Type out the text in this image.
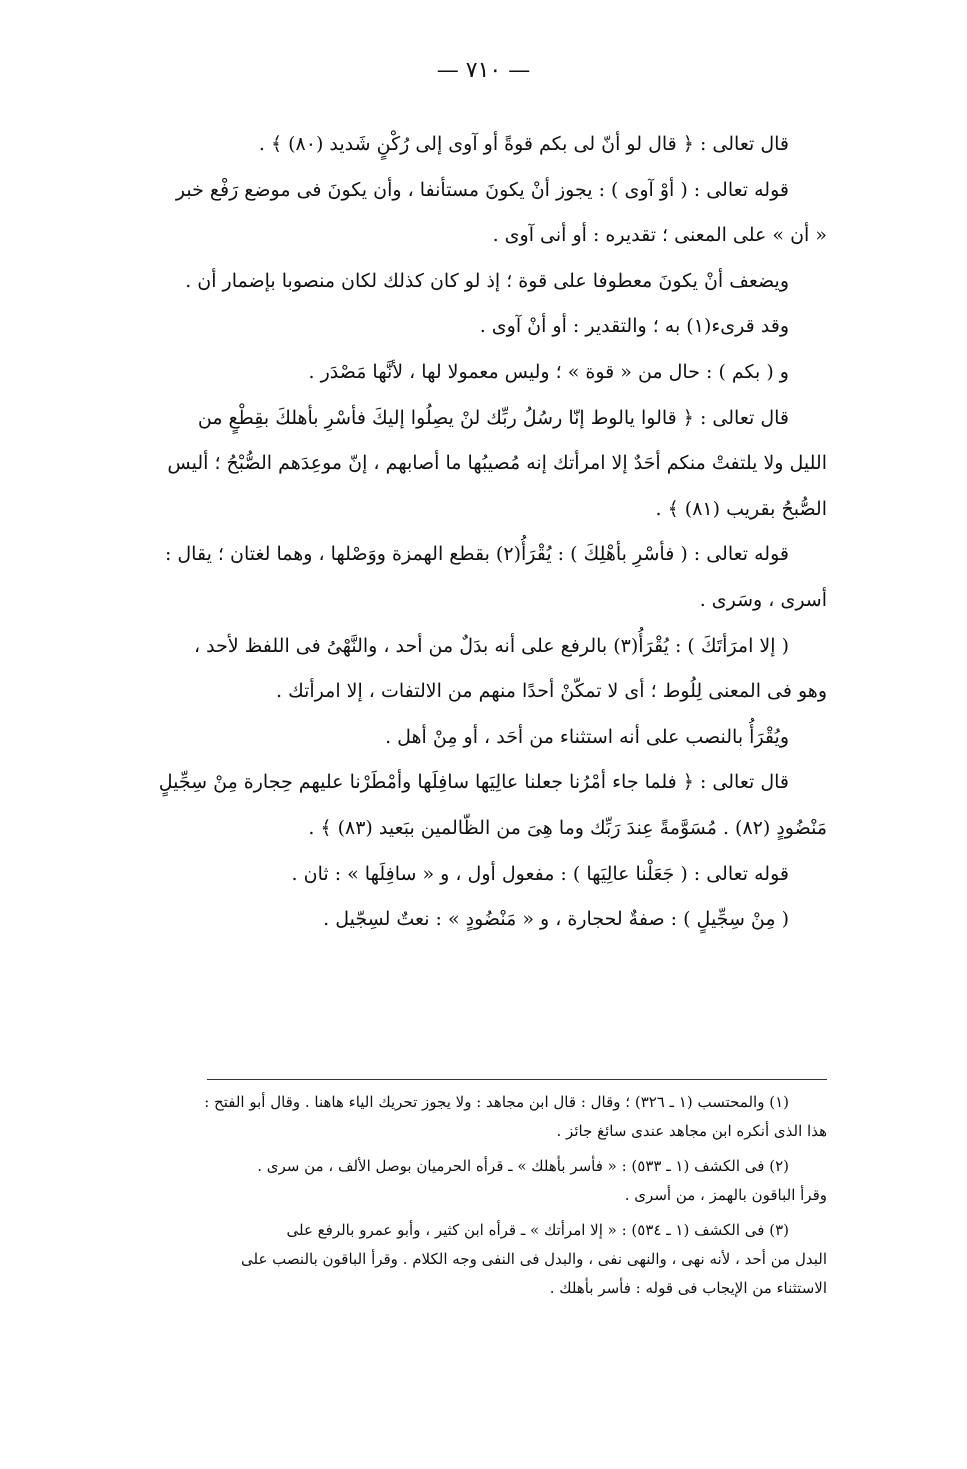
— ٧١٠ —

قال تعالى : ﴿ قال لو أنّ لى بكم قوةً أو آوى إلى رُكْنٍ شَديد (٨٠) ﴾ .

قوله تعالى : ( أوْ آوى ) : يجوز أنْ يكونَ مستأنفا ، وأن يكونَ فى موضع رَفْع خبر

« أن » على المعنى ؛ تقديره : أو أنى آوى .

ويضعف أنْ يكونَ معطوفا على قوة ؛ إذ لو كان كذلك لكان منصوبا بإضمار أن .

وقد قرىء(١) به ؛ والتقدير : أو أنْ آوى .

و ( بكم ) : حال من « قوة » ؛ وليس معمولا لها ، لأنَّها مَصْدَر .

قال تعالى : ﴿ قالوا يالوط إنّا رسُلُ ربِّك لنْ يصِلُوا إليكَ فأسْرِ بأهلكَ بقِطْعٍ من

الليل ولا يلتفتْ منكم أحَدٌ إلا امرأتك إنه مُصيبُها ما أصابهم ، إنّ موعِدَهم الصُّبْحُ ؛ أليس

الصُّبحُ بقريب (٨١) ﴾ .

قوله تعالى : ( فأسْرِ بأهْلِكَ ) : يُقْرَأُ(٢) بقطع الهمزة ووَصْلها ، وهما لغتان ؛ يقال :

أسرى ، وسَرى .

( إلا امرَأتَكَ ) : يُقْرَأُ(٣) بالرفع على أنه بدَلٌ من أحد ، والنَّهْىُ فى اللفظ لأحد ،

وهو فى المعنى لِلُوط ؛ أى لا تمكّنْ أحدًا منهم من الالتفات ، إلا امرأتك .

ويُقْرَأُ بالنصب على أنه استثناء من أحَد ، أو مِنْ أهل .

قال تعالى : ﴿ فلما جاء أمْرُنا جعلنا عالِيَها سافِلَها وأمْطَرْنا عليهم حِجارة مِنْ سِجِّيلٍ

مَنْضُودٍ (٨٢) . مُسَوَّمةً عِندَ رَبِّك وما هِىَ من الظّالمين ببَعيد (٨٣) ﴾ .

قوله تعالى : ( جَعَلْنا عالِيَها ) : مفعول أول ، و « سافِلَها » : ثان .

( مِنْ سِجِّيلٍ ) : صفةٌ لحجارة ، و « مَنْضُودٍ » : نعتٌ لسِجّيل .

(١) والمحتسب (١ ـ ٣٢٦) ؛ وقال : قال ابن مجاهد : ولا يجوز تحريك الياء هاهنا . وقال أبو الفتح :

هذا الذى أنكره ابن مجاهد عندى سائغ جائز .

(٢) فى الكشف (١ ـ ٥٣٣) : « فأسر بأهلك » ـ قرأه الحرميان بوصل الألف ، من سرى .

وقرأ الباقون بالهمز ، من أسرى .

(٣) فى الكشف (١ ـ ٥٣٤) : « إلا امرأتك » ـ قرأه ابن كثير ، وأبو عمرو بالرفع على

البدل من أحد ، لأنه نهى ، والنهى نفى ، والبدل فى النفى وجه الكلام . وقرأ الباقون بالنصب على

الاستثناء من الإيجاب فى قوله : فأسر بأهلك .
